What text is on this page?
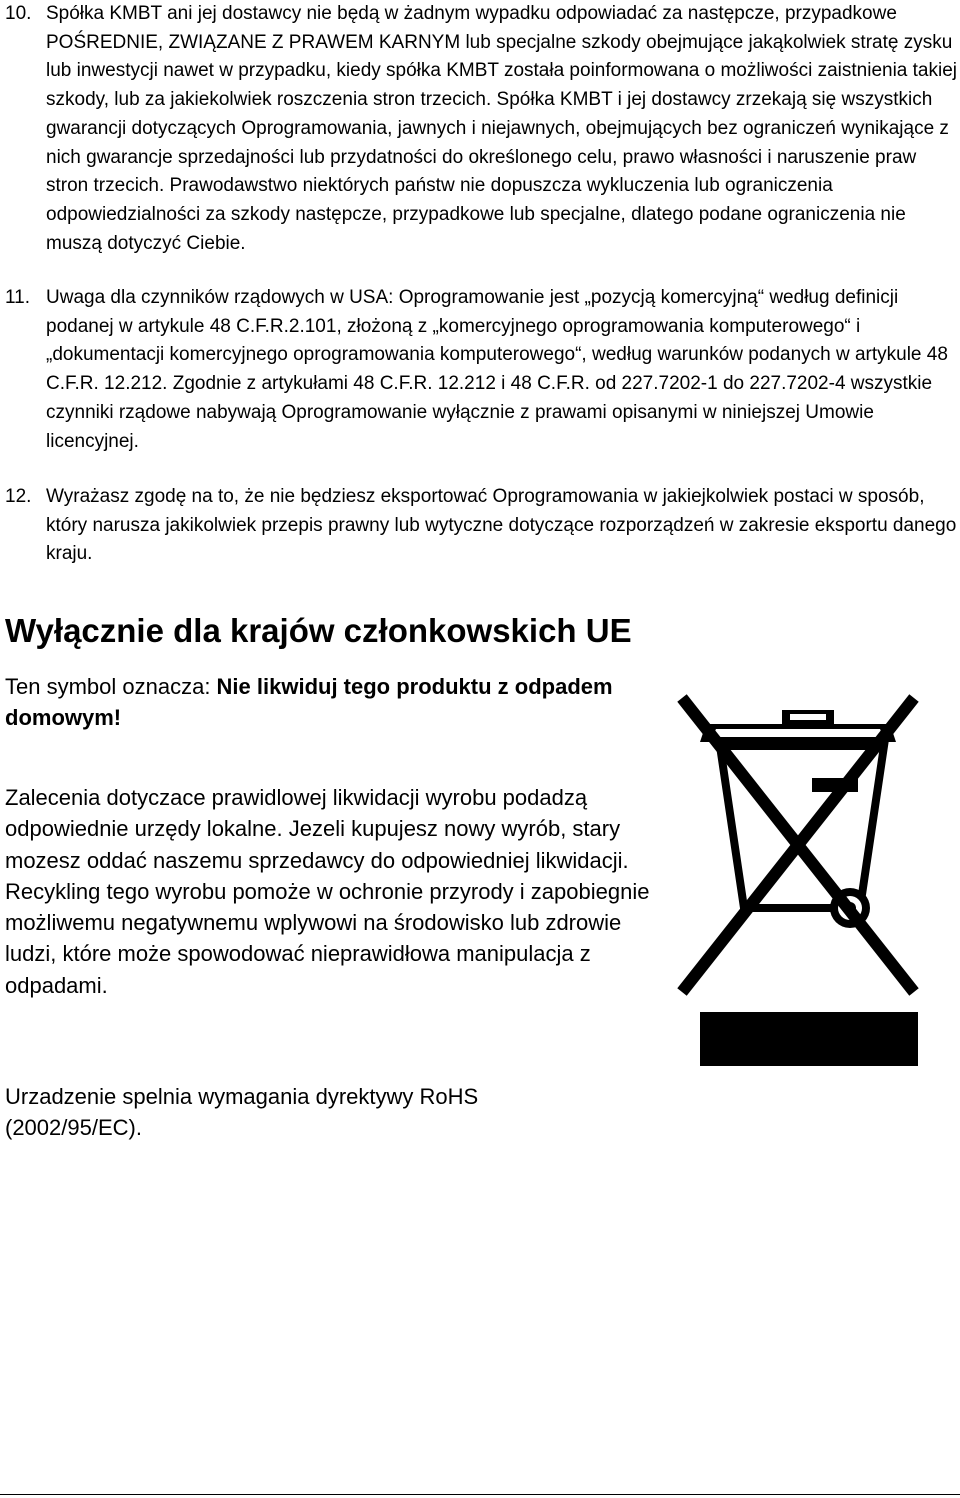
10. Spółka KMBT ani jej dostawcy nie będą w żadnym wypadku odpowiadać za następcze, przypadkowe POŚREDNIE, ZWIĄZANE Z PRAWEM KARNYM lub specjalne szkody obejmujące jakąkolwiek stratę zysku lub inwestycji nawet w przypadku, kiedy spółka KMBT została poinformowana o możliwości zaistnienia takiej szkody, lub za jakiekolwiek roszczenia stron trzecich. Spółka KMBT i jej dostawcy zrzekają się wszystkich gwarancji dotyczących Oprogramowania, jawnych i niejawnych, obejmujących bez ograniczeń wynikające z nich gwarancje sprzedajności lub przydatności do określonego celu, prawo własności i naruszenie praw stron trzecich. Prawodawstwo niektórych państw nie dopuszcza wykluczenia lub ograniczenia odpowiedzialności za szkody następcze, przypadkowe lub specjalne, dlatego podane ograniczenia nie muszą dotyczyć Ciebie.
11. Uwaga dla czynników rządowych w USA: Oprogramowanie jest „pozycją komercyjną“ według definicji podanej w artykule 48 C.F.R.2.101, złożoną z „komercyjnego oprogramowania komputerowego“ i „dokumentacji komercyjnego oprogramowania komputerowego“, według warunków podanych w artykule 48 C.F.R. 12.212. Zgodnie z artykułami 48 C.F.R. 12.212 i 48 C.F.R. od 227.7202-1 do 227.7202-4 wszystkie czynniki rządowe nabywają Oprogramowanie wyłącznie z prawami opisanymi w niniejszej Umowie licencyjnej.
12. Wyrażasz zgodę na to, że nie będziesz eksportować Oprogramowania w jakiejkolwiek postaci w sposób, który narusza jakikolwiek przepis prawny lub wytyczne dotyczące rozporządzeń w zakresie eksportu danego kraju.
Wyłącznie dla krajów członkowskich UE

Ten symbol oznacza: Nie likwiduj tego produktu z odpadem domowym!

Zalecenia dotyczace prawidlowej likwidacji wyrobu podadzą odpowiednie urzędy lokalne. Jezeli kupujesz nowy wyrób, stary mozesz oddać naszemu sprzedawcy do odpowiedniej likwidacji. Recykling tego wyrobu pomoże w ochronie przyrody i zapobiegnie możliwemu negatywnemu wplywowi na środowisko lub zdrowie ludzi, które może spowodować nieprawidłowa manipulacja z odpadami.

Urzadzenie spelnia wymagania dyrektywy RoHS (2002/95/EC).
